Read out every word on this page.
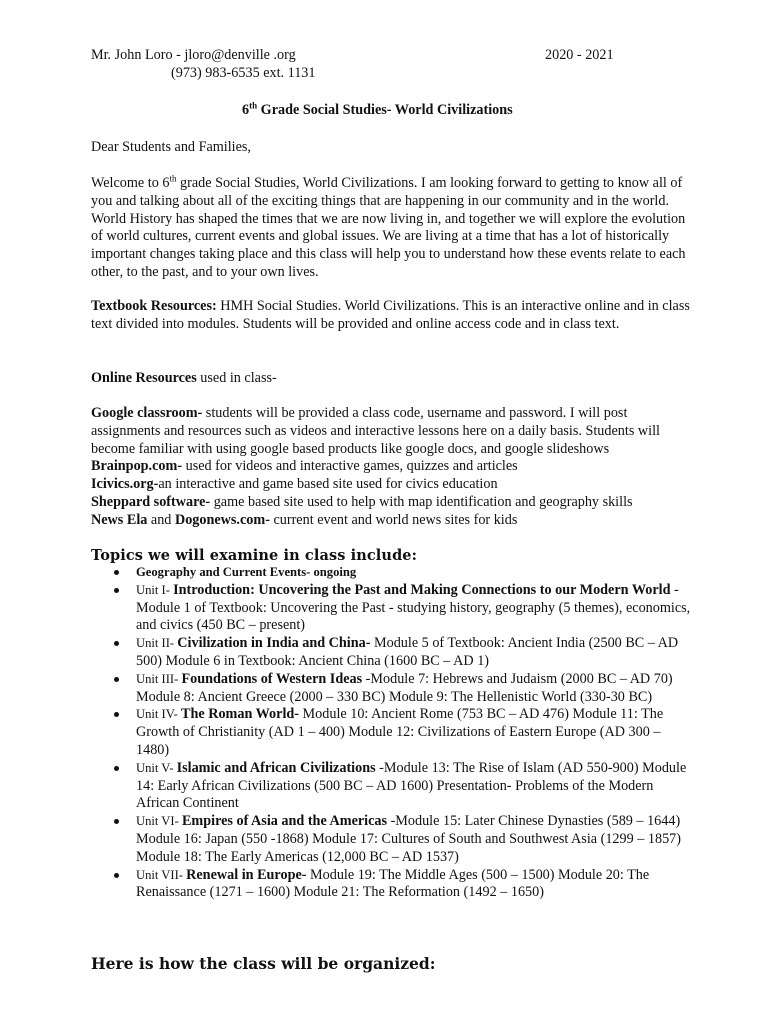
Mr. John Loro - jloro@denville .org	2020 - 2021
(973) 983-6535 ext. 1131
6th Grade Social Studies- World Civilizations
Dear Students and Families,

Welcome to 6th grade Social Studies, World Civilizations. I am looking forward to getting to know all of you and talking about all of the exciting things that are happening in our community and in the world. World History has shaped the times that we are now living in, and together we will explore the evolution of world cultures, current events and global issues. We are living at a time that has a lot of historically important changes taking place and this class will help you to understand how these events relate to each other, to the past, and to your own lives.

Textbook Resources: HMH Social Studies. World Civilizations. This is an interactive online and in class text divided into modules. Students will be provided and online access code and in class text.

Online Resources used in class-

Google classroom- students will be provided a class code, username and password. I will post assignments and resources such as videos and interactive lessons here on a daily basis. Students will become familiar with using google based products like google docs, and google slideshows

Brainpop.com- used for videos and interactive games, quizzes and articles

Icivics.org-an interactive and game based site used for civics education

Sheppard software- game based site used to help with map identification and geography skills

News Ela and Dogonews.com- current event and world news sites for kids

Topics we will examine in class include:
Geography and Current Events- ongoing
Unit I- Introduction: Uncovering the Past and Making Connections to our Modern World -Module 1 of Textbook: Uncovering the Past - studying history, geography (5 themes), economics, and civics (450 BC – present)
Unit II- Civilization in India and China- Module 5 of Textbook: Ancient India (2500 BC – AD 500) Module 6 in Textbook: Ancient China (1600 BC – AD 1)
Unit III- Foundations of Western Ideas -Module 7: Hebrews and Judaism (2000 BC – AD 70) Module 8: Ancient Greece (2000 – 330 BC) Module 9: The Hellenistic World (330-30 BC)
Unit IV- The Roman World- Module 10: Ancient Rome (753 BC – AD 476) Module 11: The Growth of Christianity (AD 1 – 400) Module 12: Civilizations of Eastern Europe (AD 300 – 1480)
Unit V- Islamic and African Civilizations -Module 13: The Rise of Islam (AD 550-900) Module 14: Early African Civilizations (500 BC – AD 1600) Presentation- Problems of the Modern African Continent
Unit VI- Empires of Asia and the Americas -Module 15: Later Chinese Dynasties (589 – 1644) Module 16: Japan (550 -1868) Module 17: Cultures of South and Southwest Asia (1299 – 1857) Module 18: The Early Americas (12,000 BC – AD 1537)
Unit VII- Renewal in Europe- Module 19: The Middle Ages (500 – 1500) Module 20: The Renaissance (1271 – 1600) Module 21: The Reformation (1492 – 1650)
Here is how the class will be organized:
